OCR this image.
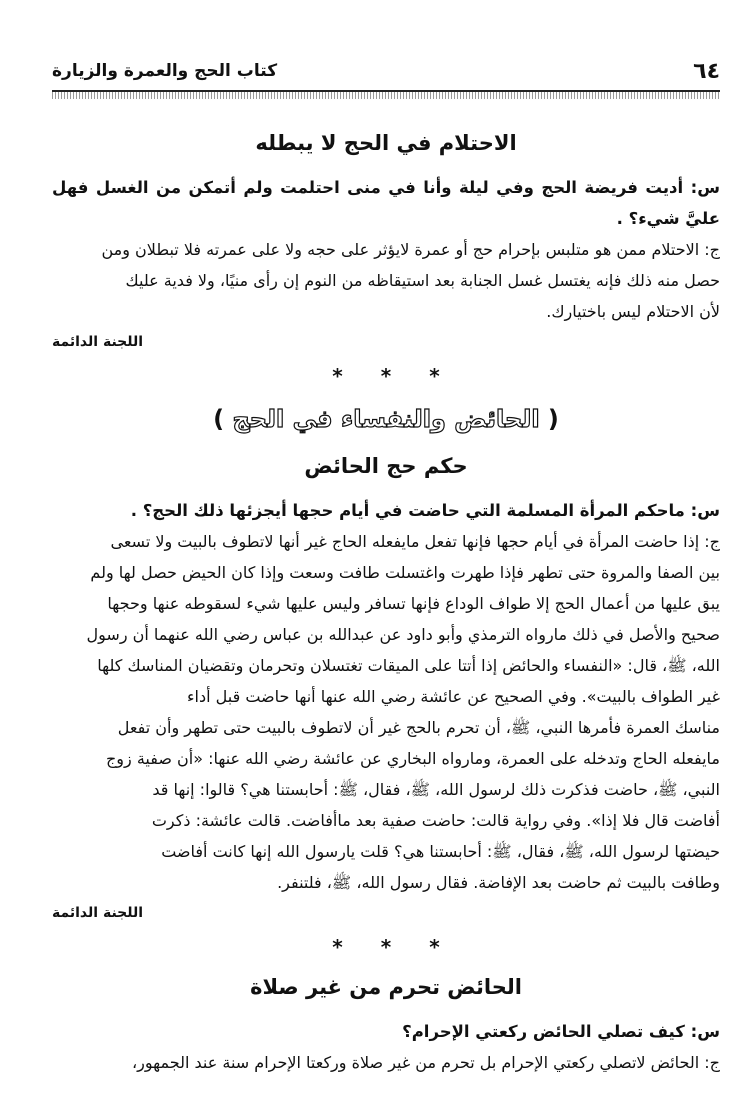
٦٤
كتاب الحج والعمرة والزيارة
الاحتلام في الحج لا يبطله

س: أديت فريضة الحج وفي ليلة وأنا في منى احتلمت ولم أتمكن من الغسل فهل عليَّ شيء؟ .

ج: الاحتلام ممن هو متلبس بإحرام حج أو عمرة لايؤثر على حجه ولا على عمرته فلا تبطلان ومن

حصل منه ذلك فإنه يغتسل غسل الجنابة بعد استيقاظه من النوم إن رأى منيًا، ولا فدية عليك

لأن الاحتلام ليس باختيارك.

اللجنة الدائمة

*
*
*
( الحائض والنفساء في الحج )
حكم حج الحائض

س: ماحكم المرأة المسلمة التي حاضت في أيام حجها أيجزئها ذلك الحج؟ .

ج: إذا حاضت المرأة في أيام حجها فإنها تفعل مايفعله الحاج غير أنها لاتطوف بالبيت ولا تسعى

بين الصفا والمروة حتى تطهر فإذا طهرت واغتسلت طافت وسعت وإذا كان الحيض حصل لها ولم

يبق عليها من أعمال الحج إلا طواف الوداع فإنها تسافر وليس عليها شيء لسقوطه عنها وحجها

صحيح والأصل في ذلك مارواه الترمذي وأبو داود عن عبدالله بن عباس رضي الله عنهما أن رسول

الله، ﷺ، قال: «النفساء والحائض إذا أتتا على الميقات تغتسلان وتحرمان وتقضيان المناسك كلها

غير الطواف بالبيت». وفي الصحيح عن عائشة رضي الله عنها أنها حاضت قبل أداء

مناسك العمرة فأمرها النبي، ﷺ، أن تحرم بالحج غير أن لاتطوف بالبيت حتى تطهر وأن تفعل

مايفعله الحاج وتدخله على العمرة، ومارواه البخاري عن عائشة رضي الله عنها: «أن صفية زوج

النبي، ﷺ، حاضت فذكرت ذلك لرسول الله، ﷺ، فقال، ﷺ: أحابستنا هي؟ قالوا: إنها قد

أفاضت قال فلا إذا». وفي رواية قالت: حاضت صفية بعد ماأفاضت. قالت عائشة: ذكرت

حيضتها لرسول الله، ﷺ، فقال، ﷺ: أحابستنا هي؟ قلت يارسول الله إنها كانت أفاضت

وطافت بالبيت ثم حاضت بعد الإفاضة. فقال رسول الله، ﷺ، فلتنفر.

اللجنة الدائمة

*
*
*
الحائض تحرم من غير صلاة

س: كيف تصلي الحائض ركعتي الإحرام؟

ج: الحائض لاتصلي ركعتي الإحرام بل تحرم من غير صلاة وركعتا الإحرام سنة عند الجمهور،
